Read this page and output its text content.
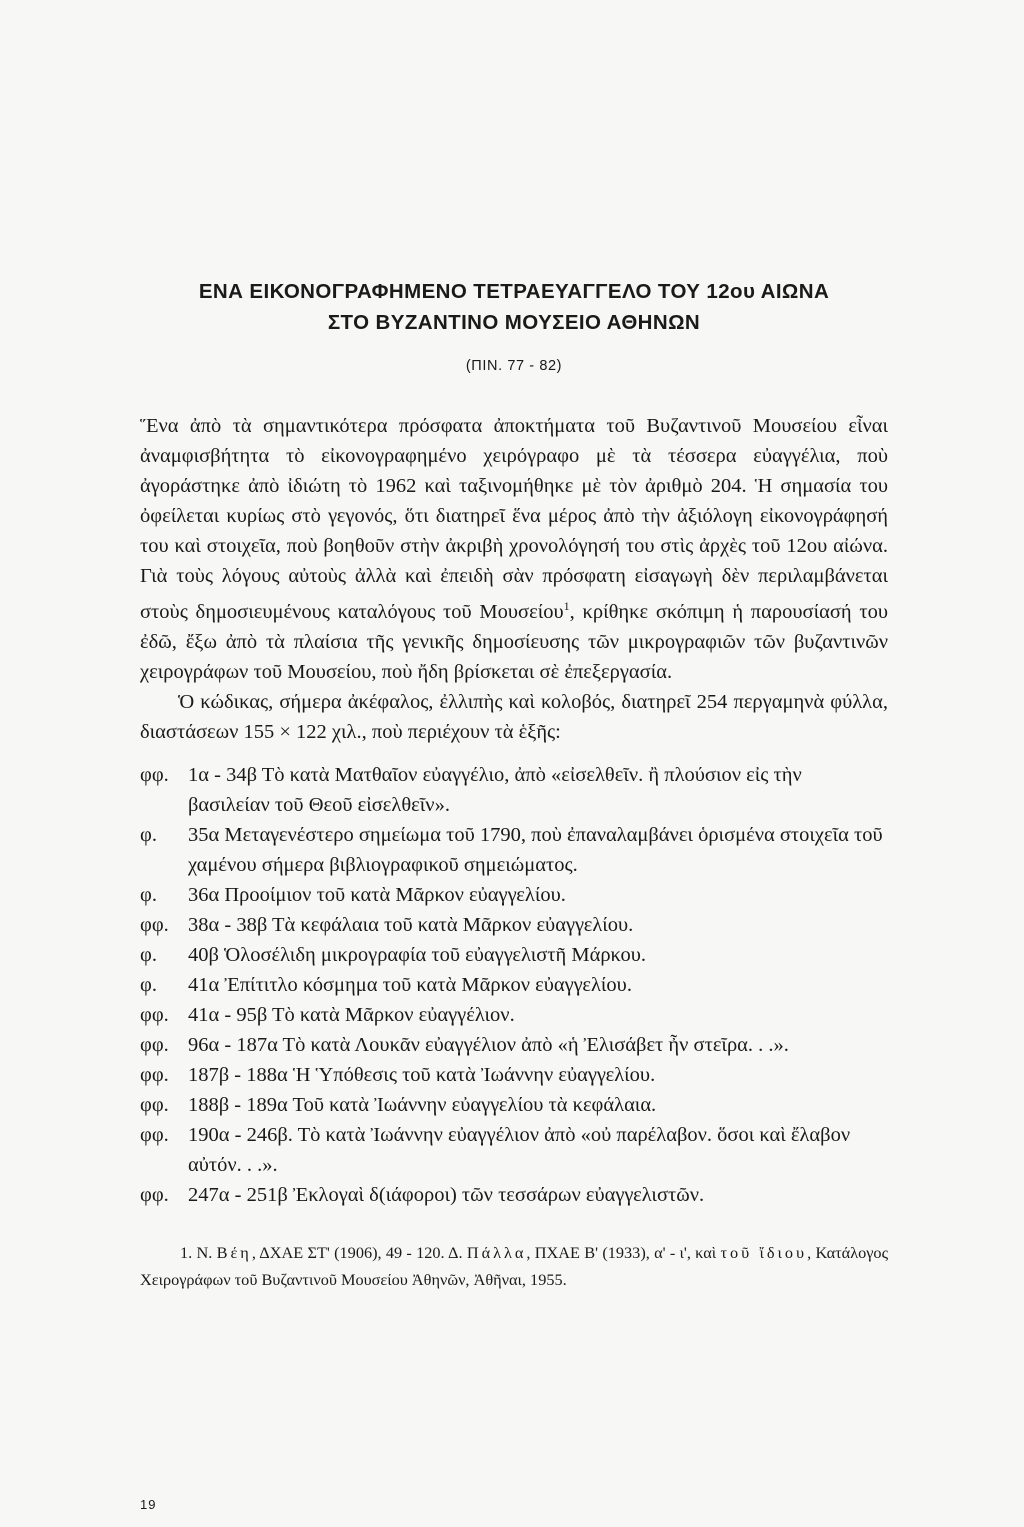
ΕΝΑ ΕΙΚΟΝΟΓΡΑΦΗΜΕΝΟ ΤΕΤΡΑΕΥΑΓΓΕΛΟ ΤΟΥ 12ου ΑΙΩΝΑ
ΣΤΟ ΒΥΖΑΝΤΙΝΟ ΜΟΥΣΕΙΟ ΑΘΗΝΩΝ
(ΠΙΝ. 77 - 82)

Ἕνα ἀπὸ τὰ σημαντικότερα πρόσφατα ἀποκτήματα τοῦ Βυζαντινοῦ Μουσείου εἶναι ἀναμφισβήτητα τὸ εἰκονογραφημένο χειρόγραφο μὲ τὰ τέσσερα εὐαγγέλια, ποὺ ἀγοράστηκε ἀπὸ ἰδιώτη τὸ 1962 καὶ ταξινομήθηκε μὲ τὸν ἀριθμὸ 204. Ἡ σημασία του ὀφείλεται κυρίως στὸ γεγονός, ὅτι διατηρεῖ ἕνα μέρος ἀπὸ τὴν ἀξιόλογη εἰκονογράφησή του καὶ στοιχεῖα, ποὺ βοηθοῦν στὴν ἀκριβὴ χρονολόγησή του στὶς ἀρχὲς τοῦ 12ου αἰώνα. Γιὰ τοὺς λόγους αὐτοὺς ἀλλὰ καὶ ἐπειδὴ σὰν πρόσφατη εἰσαγωγὴ δὲν περιλαμβάνεται στοὺς δημοσιευμένους καταλόγους τοῦ Μουσείου$^1$, κρίθηκε σκόπιμη ἡ παρουσίασή του ἐδῶ, ἔξω ἀπὸ τὰ πλαίσια τῆς γενικῆς δημοσίευσης τῶν μικρογραφιῶν τῶν βυζαντινῶν χειρογράφων τοῦ Μουσείου, ποὺ ἤδη βρίσκεται σὲ ἐπεξεργασία.

Ὁ κώδικας, σήμερα ἀκέφαλος, ἐλλιπὴς καὶ κολοβός, διατηρεῖ 254 περγαμηνὰ φύλλα, διαστάσεων 155 × 122 χιλ., ποὺ περιέχουν τὰ ἑξῆς:

φφ. 1α - 34β Τὸ κατὰ Ματθαῖον εὐαγγέλιο, ἀπὸ «εἰσελθεῖν. ἢ πλούσιον εἰς τὴν βασιλείαν τοῦ Θεοῦ εἰσελθεῖν».
φ.	35α Μεταγενέστερο σημείωμα τοῦ 1790, ποὺ ἐπαναλαμβάνει ὁρισμένα στοιχεῖα τοῦ χαμένου σήμερα βιβλιογραφικοῦ σημειώματος.
φ.	36α Προοίμιον τοῦ κατὰ Μᾶρκον εὐαγγελίου.
φφ. 38α - 38β Τὰ κεφάλαια τοῦ κατὰ Μᾶρκον εὐαγγελίου.
φ.	40β Ὁλοσέλιδη μικρογραφία τοῦ εὐαγγελιστῆ Μάρκου.
φ.	41α Ἐπίτιτλο κόσμημα τοῦ κατὰ Μᾶρκον εὐαγγελίου.
φφ. 41α - 95β Τὸ κατὰ Μᾶρκον εὐαγγέλιον.
φφ. 96α - 187α Τὸ κατὰ Λουκᾶν εὐαγγέλιον ἀπὸ «ἡ Ἐλισάβετ ἦν στεῖρα. . .».
φφ. 187β - 188α Ἡ Ὑπόθεσις τοῦ κατὰ Ἰωάννην εὐαγγελίου.
φφ. 188β - 189α Τοῦ κατὰ Ἰωάννην εὐαγγελίου τὰ κεφάλαια.
φφ. 190α - 246β. Τὸ κατὰ Ἰωάννην εὐαγγέλιον ἀπὸ «οὐ παρέλαβον. ὅσοι καὶ ἔλαβον αὐτόν. . .».
φφ. 247α - 251β Ἐκλογαὶ δ(ιάφοροι) τῶν τεσσάρων εὐαγγελιστῶν.

1. Ν. Βέη, ΔΧΑΕ ΣΤ' (1906), 49 - 120. Δ. Πάλλα, ΠΧΑΕ Β' (1933), α' - ι', καὶ τοῦ ἴδιου, Κατάλογος Χειρογράφων τοῦ Βυζαντινοῦ Μουσείου Ἀθηνῶν, Ἀθῆναι, 1955.

19
